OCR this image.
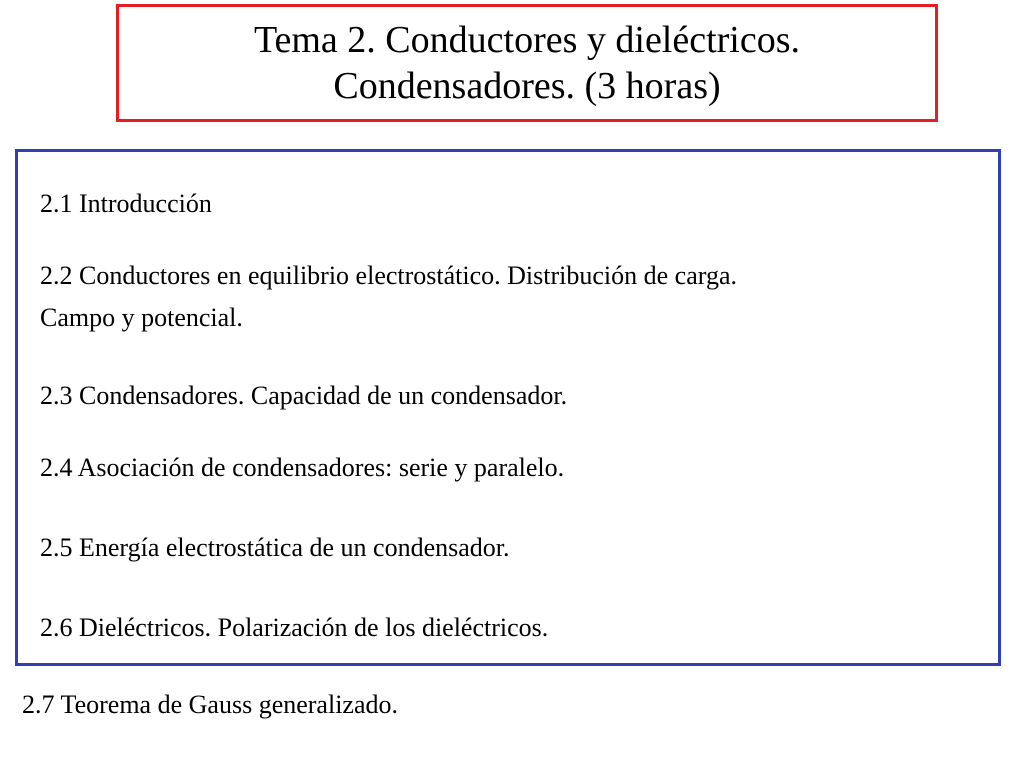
Tema 2. Conductores y dieléctricos.
Condensadores. (3 horas)
2.1 Introducción
2.2 Conductores en equilibrio electrostático. Distribución de carga.
Campo y potencial.
2.3 Condensadores. Capacidad de un condensador.
2.4 Asociación de condensadores: serie y paralelo.
2.5 Energía electrostática de un condensador.
2.6 Dieléctricos. Polarización de los dieléctricos.
2.7 Teorema de Gauss generalizado.
